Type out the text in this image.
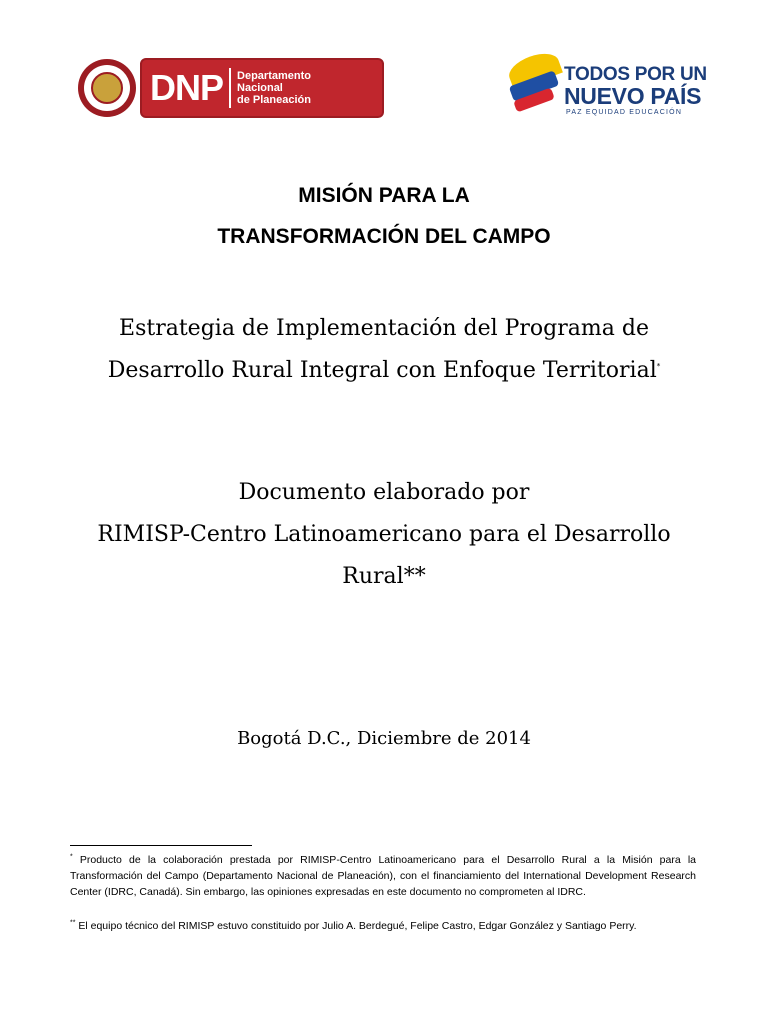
DNP Departamento
Nacional
de Planeación
TODOS POR UN
NUEVO PAÍS
PAZ EQUIDAD EDUCACIÓN
MISIÓN PARA LA
TRANSFORMACIÓN DEL CAMPO
Estrategia de Implementación del Programa de
Desarrollo Rural Integral con Enfoque Territorial*
Documento elaborado por
RIMISP-Centro Latinoamericano para el Desarrollo
Rural**
Bogotá D.C., Diciembre de 2014
* Producto de la colaboración prestada por RIMISP-Centro Latinoamericano para el Desarrollo Rural a la Misión para la Transformación del Campo (Departamento Nacional de Planeación), con el financiamiento del International Development Research Center (IDRC, Canadá). Sin embargo, las opiniones expresadas en este documento no comprometen al IDRC.
** El equipo técnico del RIMISP estuvo constituido por Julio A. Berdegué, Felipe Castro, Edgar González y Santiago Perry.
